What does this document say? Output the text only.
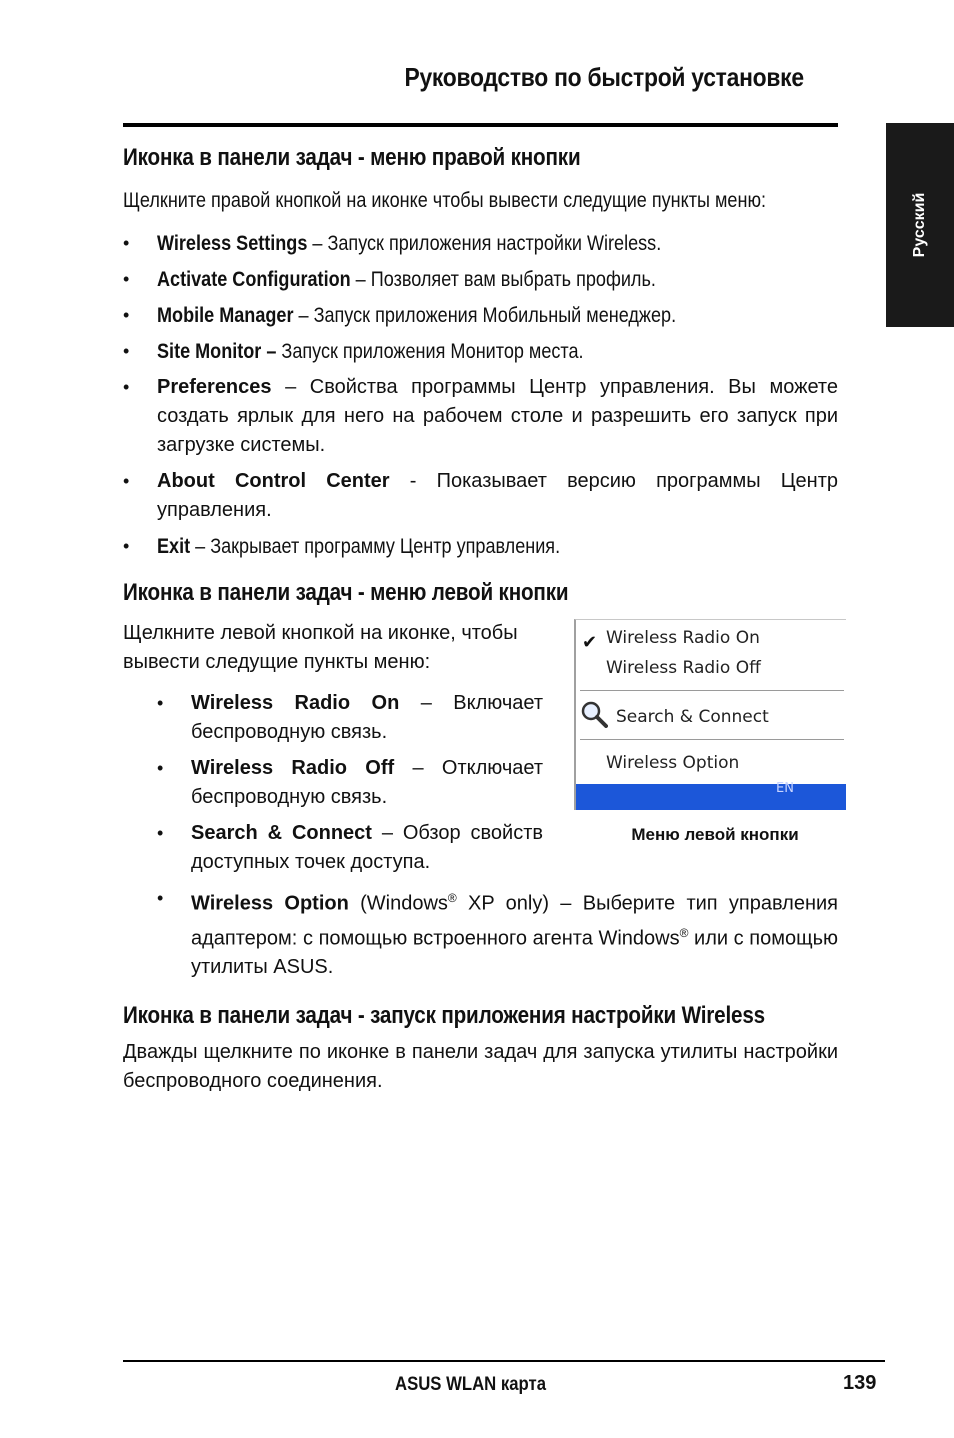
Руководство по быстрой установке
Русский
Иконка в панели задач - меню правой кнопки

Щелкните правой кнопкой на иконке чтобы вывести следущие пункты меню:

• Wireless Settings – Запуск приложения настройки Wireless.
• Activate Configuration – Позволяет вам выбрать профиль.
• Mobile Manager – Запуск приложения Мобильный менеджер.
• Site Monitor – Запуск приложения Монитор места.
• Preferences – Свойства программы Центр управления. Вы можете создать ярлык для него на рабочем столе и разрешить его запуск при загрузке системы.
• About Control Center - Показывает версию программы Центр управления.
• Exit – Закрывает программу Центр управления.
Иконка в панели задач - меню левой кнопки

Щелкните левой кнопкой на иконке, чтобы вывести следущие пункты меню:

• Wireless Radio On – Включает беспроводную связь.
• Wireless Radio Off – Отключает беспроводную связь.
• Search & Connect – Обзор свойств доступных точек доступа.
✔ Wireless Radio On
Wireless Radio Off
Search & Connect
Wireless Option
EN
Меню левой кнопки
• Wireless Option (Windows® XP only) – Выберите тип управления адаптером: с помощью встроенного агента Windows® или с помощью утилиты ASUS.
Иконка в панели задач - запуск приложения настройки Wireless

Дважды щелкните по иконке в панели задач для запуска утилиты настройки беспроводного соединения.

ASUS WLAN карта	139
